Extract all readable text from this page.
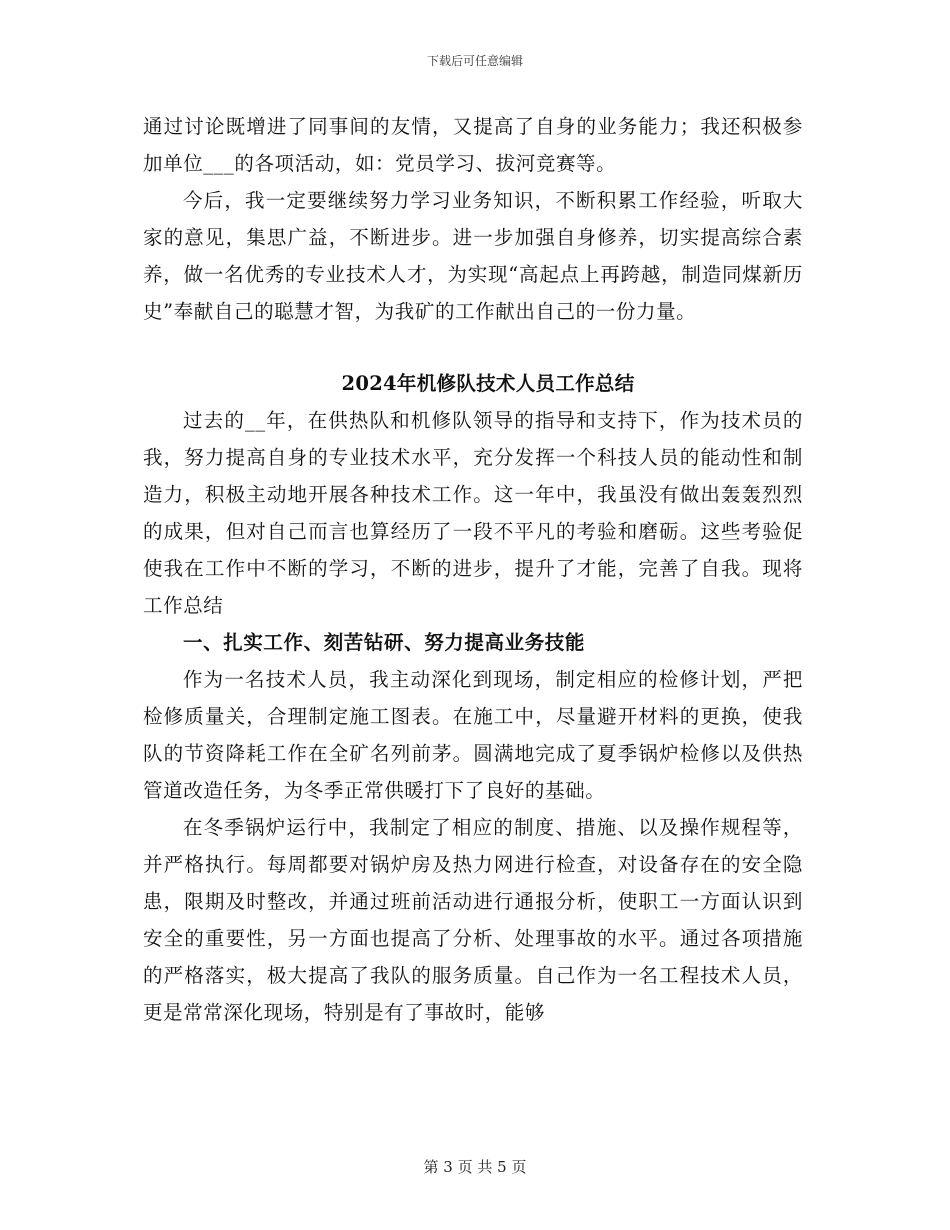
下载后可任意编辑

通过讨论既增进了同事间的友情，又提高了自身的业务能力；我还积极参加单位___的各项活动，如：党员学习、拔河竞赛等。

今后，我一定要继续努力学习业务知识，不断积累工作经验，听取大家的意见，集思广益，不断进步。进一步加强自身修养，切实提高综合素养，做一名优秀的专业技术人才，为实现“高起点上再跨越，制造同煤新历史”奉献自己的聪慧才智，为我矿的工作献出自己的一份力量。

2024年机修队技术人员工作总结

过去的__年，在供热队和机修队领导的指导和支持下，作为技术员的我，努力提高自身的专业技术水平，充分发挥一个科技人员的能动性和制造力，积极主动地开展各种技术工作。这一年中，我虽没有做出轰轰烈烈的成果，但对自己而言也算经历了一段不平凡的考验和磨砺。这些考验促使我在工作中不断的学习，不断的进步，提升了才能，完善了自我。现将工作总结

一、扎实工作、刻苦钻研、努力提高业务技能

作为一名技术人员，我主动深化到现场，制定相应的检修计划，严把检修质量关，合理制定施工图表。在施工中，尽量避开材料的更换，使我队的节资降耗工作在全矿名列前茅。圆满地完成了夏季锅炉检修以及供热管道改造任务，为冬季正常供暖打下了良好的基础。

在冬季锅炉运行中，我制定了相应的制度、措施、以及操作规程等，并严格执行。每周都要对锅炉房及热力网进行检查，对设备存在的安全隐患，限期及时整改，并通过班前活动进行通报分析，使职工一方面认识到安全的重要性，另一方面也提高了分析、处理事故的水平。通过各项措施的严格落实，极大提高了我队的服务质量。自己作为一名工程技术人员，更是常常深化现场，特别是有了事故时，能够

第 3 页 共 5 页
